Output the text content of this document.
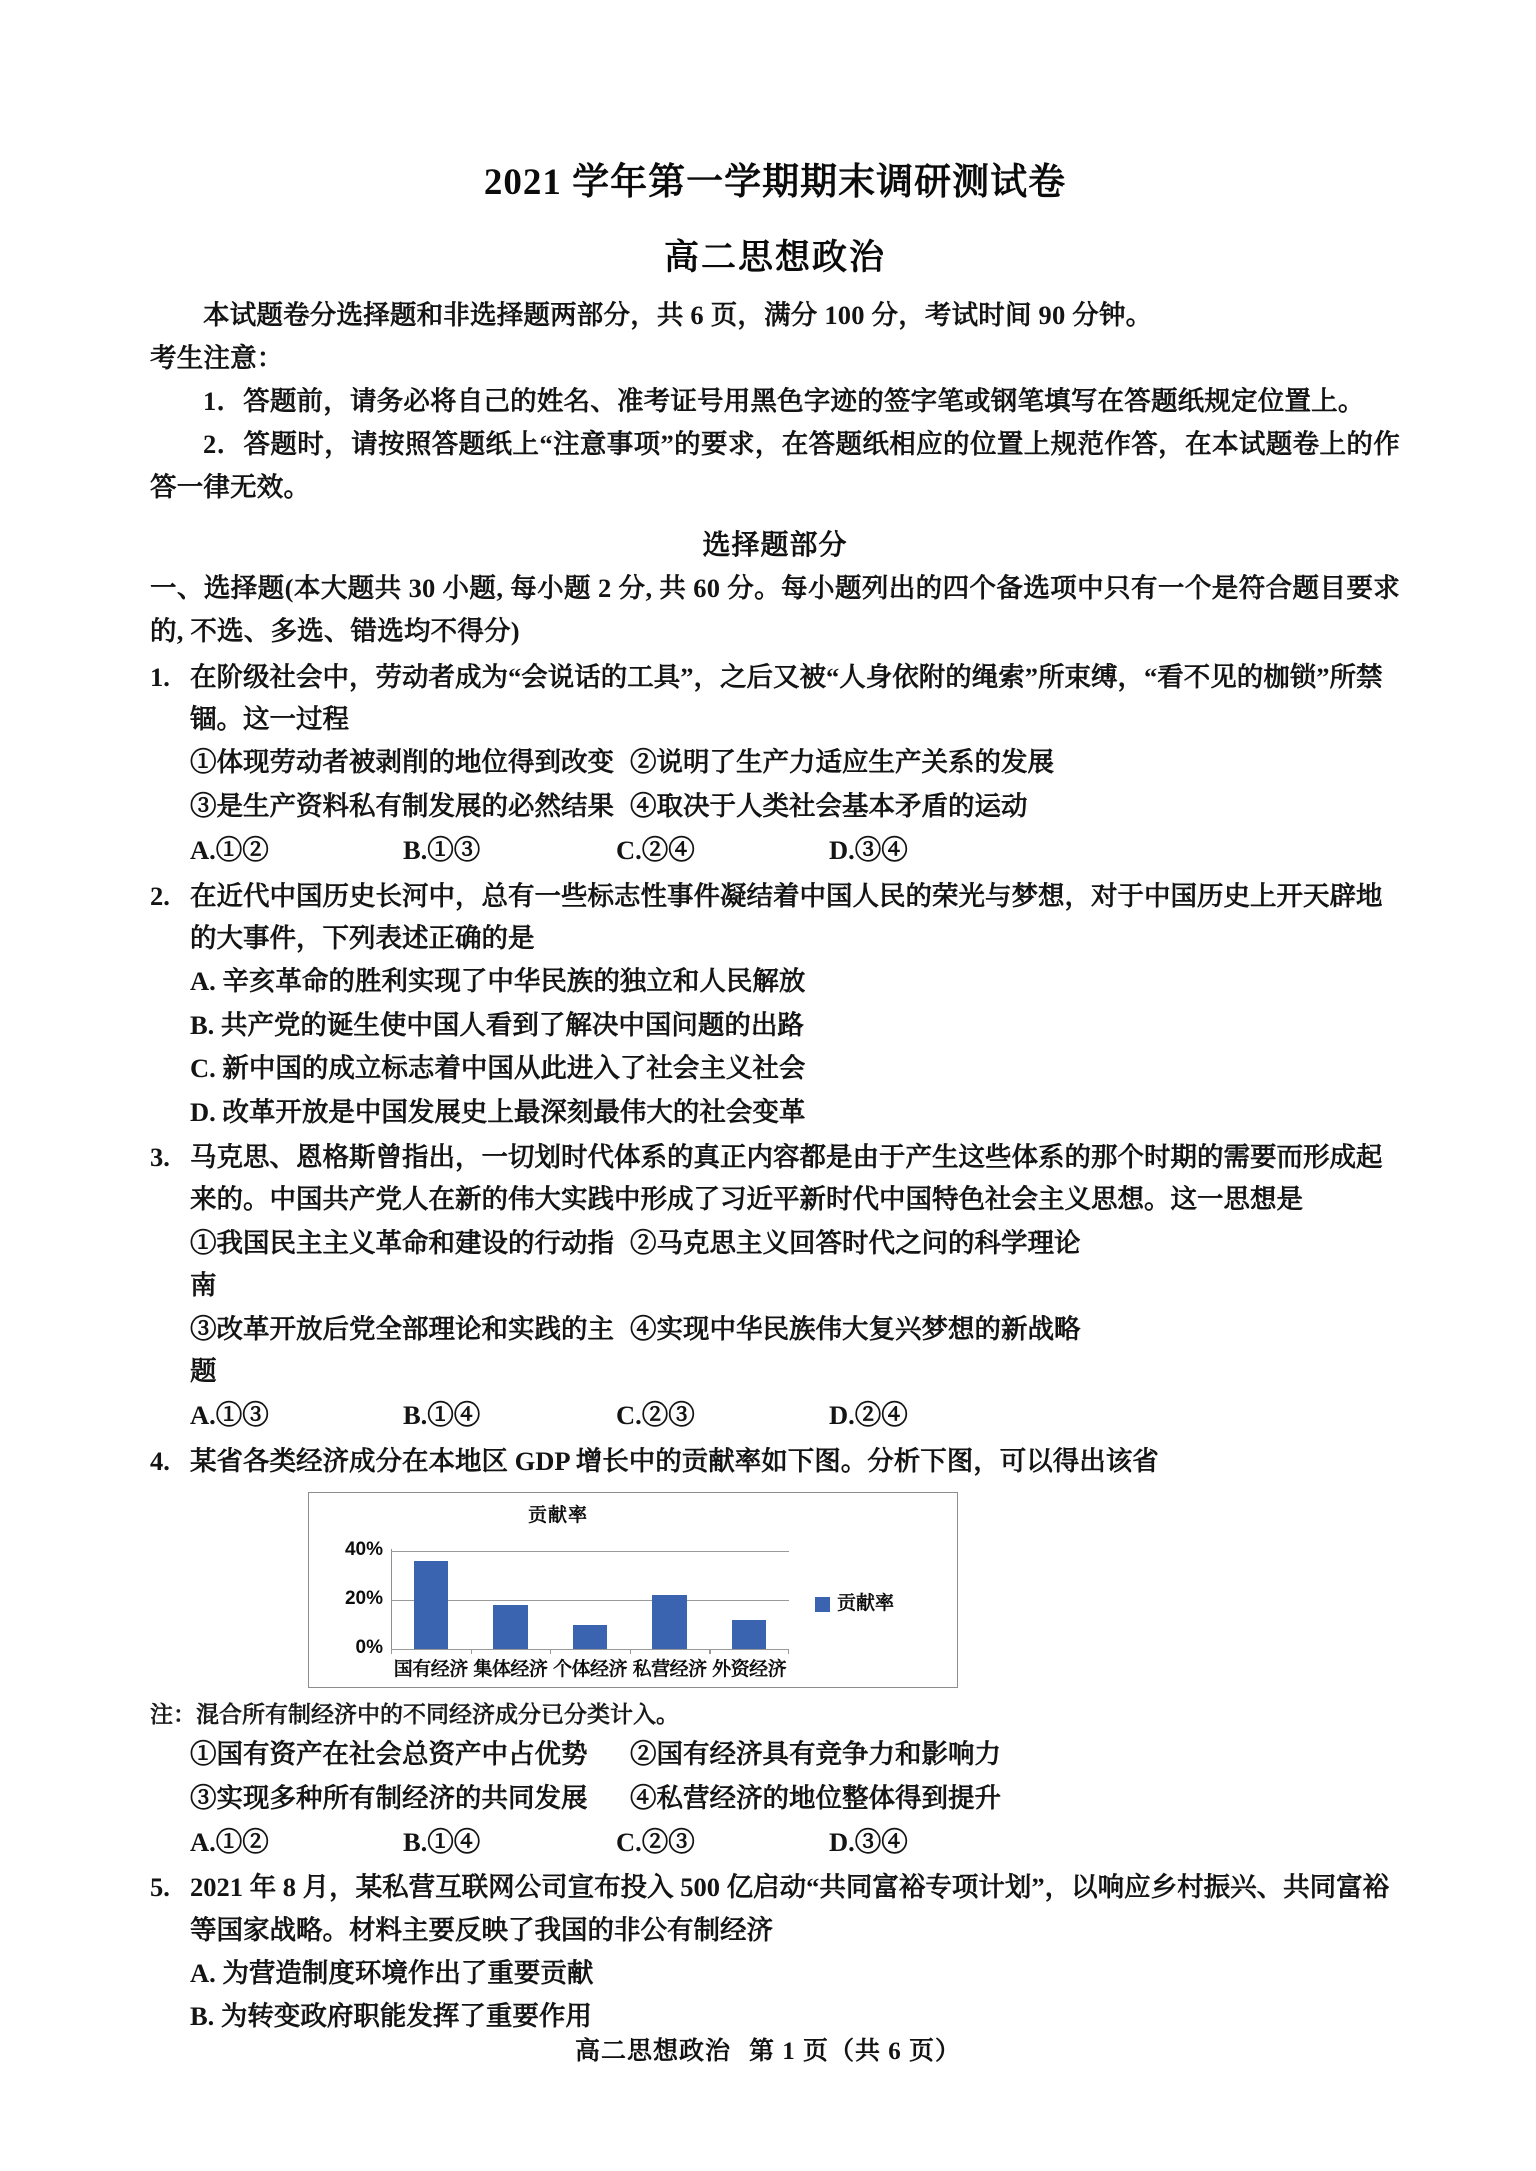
2021 学年第一学期期末调研测试卷
高二思想政治
本试题卷分选择题和非选择题两部分，共 6 页，满分 100 分，考试时间 90 分钟。
考生注意：
1．答题前，请务必将自己的姓名、准考证号用黑色字迹的签字笔或钢笔填写在答题纸规定位置上。
2．答题时，请按照答题纸上“注意事项”的要求，在答题纸相应的位置上规范作答，在本试题卷上的作答一律无效。
选择题部分
一、选择题(本大题共 30 小题, 每小题 2 分, 共 60 分。每小题列出的四个备选项中只有一个是符合题目要求的, 不选、多选、错选均不得分)
1. 在阶级社会中，劳动者成为“会说话的工具”，之后又被“人身依附的绳索”所束缚，“看不见的枷锁”所禁锢。这一过程
①体现劳动者被剥削的地位得到改变 ②说明了生产力适应生产关系的发展
③是生产资料私有制发展的必然结果 ④取决于人类社会基本矛盾的运动
A.①②	B.①③	C.②④	D.③④
2. 在近代中国历史长河中，总有一些标志性事件凝结着中国人民的荣光与梦想，对于中国历史上开天辟地的大事件，下列表述正确的是
A. 辛亥革命的胜利实现了中华民族的独立和人民解放
B. 共产党的诞生使中国人看到了解决中国问题的出路
C. 新中国的成立标志着中国从此进入了社会主义社会
D. 改革开放是中国发展史上最深刻最伟大的社会变革
3. 马克思、恩格斯曾指出，一切划时代体系的真正内容都是由于产生这些体系的那个时期的需要而形成起来的。中国共产党人在新的伟大实践中形成了习近平新时代中国特色社会主义思想。这一思想是
①我国民主主义革命和建设的行动指南
②马克思主义回答时代之问的科学理论
③改革开放后党全部理论和实践的主题
④实现中华民族伟大复兴梦想的新战略
A.①③	B.①④	C.②③	D.②④
4. 某省各类经济成分在本地区 GDP 增长中的贡献率如下图。分析下图，可以得出该省
贡献率
40%
20%
0%
国有经济 集体经济 个体经济 私营经济 外资经济
贡献率
注：混合所有制经济中的不同经济成分已分类计入。
①国有资产在社会总资产中占优势	②国有经济具有竞争力和影响力
③实现多种所有制经济的共同发展	④私营经济的地位整体得到提升
A.①②	B.①④	C.②③	D.③④
5. 2021 年 8 月，某私营互联网公司宣布投入 500 亿启动“共同富裕专项计划”，以响应乡村振兴、共同富裕等国家战略。材料主要反映了我国的非公有制经济
A. 为营造制度环境作出了重要贡献
B. 为转变政府职能发挥了重要作用
高二思想政治 第 1 页（共 6 页）
